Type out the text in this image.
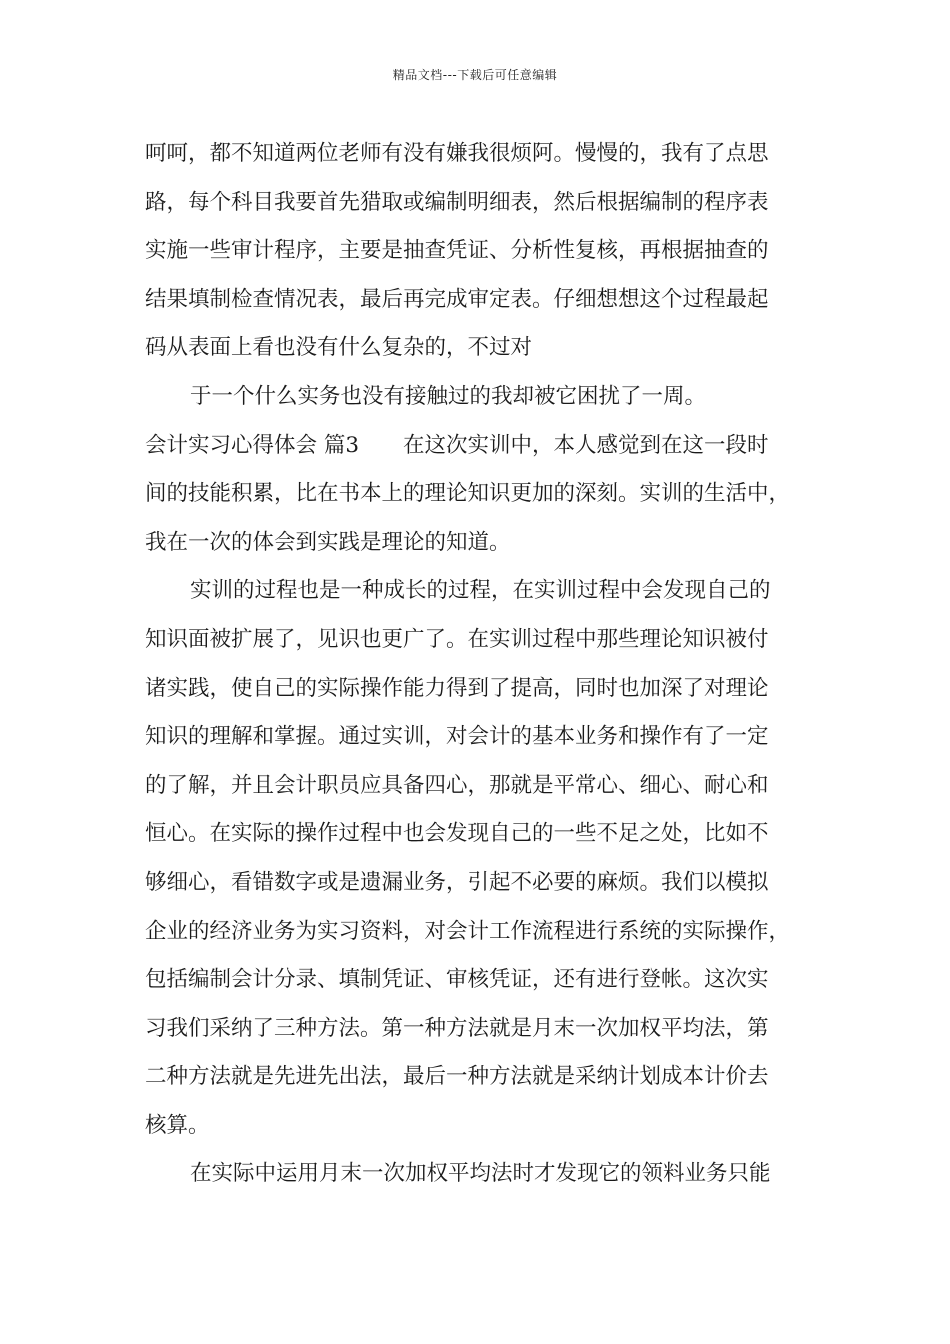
精品文档---下载后可任意编辑
呵呵，都不知道两位老师有没有嫌我很烦阿。慢慢的，我有了点思
路，每个科目我要首先猎取或编制明细表，然后根据编制的程序表
实施一些审计程序，主要是抽查凭证、分析性复核，再根据抽查的
结果填制检查情况表，最后再完成审定表。仔细想想这个过程最起
码从表面上看也没有什么复杂的，不过对
于一个什么实务也没有接触过的我却被它困扰了一周。
会计实习心得体会 篇3 在这次实训中，本人感觉到在这一段时
间的技能积累，比在书本上的理论知识更加的深刻。实训的生活中，
我在一次的体会到实践是理论的知道。
实训的过程也是一种成长的过程，在实训过程中会发现自己的
知识面被扩展了，见识也更广了。在实训过程中那些理论知识被付
诸实践，使自己的实际操作能力得到了提高，同时也加深了对理论
知识的理解和掌握。通过实训，对会计的基本业务和操作有了一定
的了解，并且会计职员应具备四心，那就是平常心、细心、耐心和
恒心。在实际的操作过程中也会发现自己的一些不足之处，比如不
够细心，看错数字或是遗漏业务，引起不必要的麻烦。我们以模拟
企业的经济业务为实习资料，对会计工作流程进行系统的实际操作，
包括编制会计分录、填制凭证、审核凭证，还有进行登帐。这次实
习我们采纳了三种方法。第一种方法就是月末一次加权平均法，第
二种方法就是先进先出法，最后一种方法就是采纳计划成本计价去
核算。
在实际中运用月末一次加权平均法时才发现它的领料业务只能
